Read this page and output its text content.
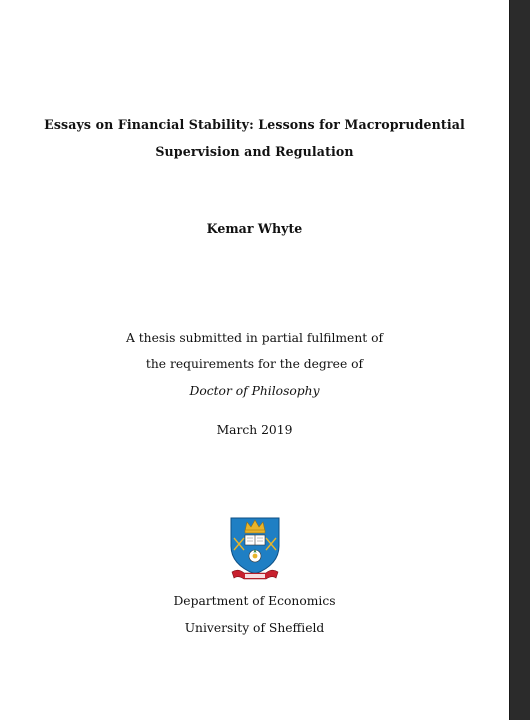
Essays on Financial Stability: Lessons for Macroprudential
Supervision and Regulation
Kemar Whyte
A thesis submitted in partial fulfilment of
the requirements for the degree of
Doctor of Philosophy
March 2019
Department of Economics
University of Sheffield
